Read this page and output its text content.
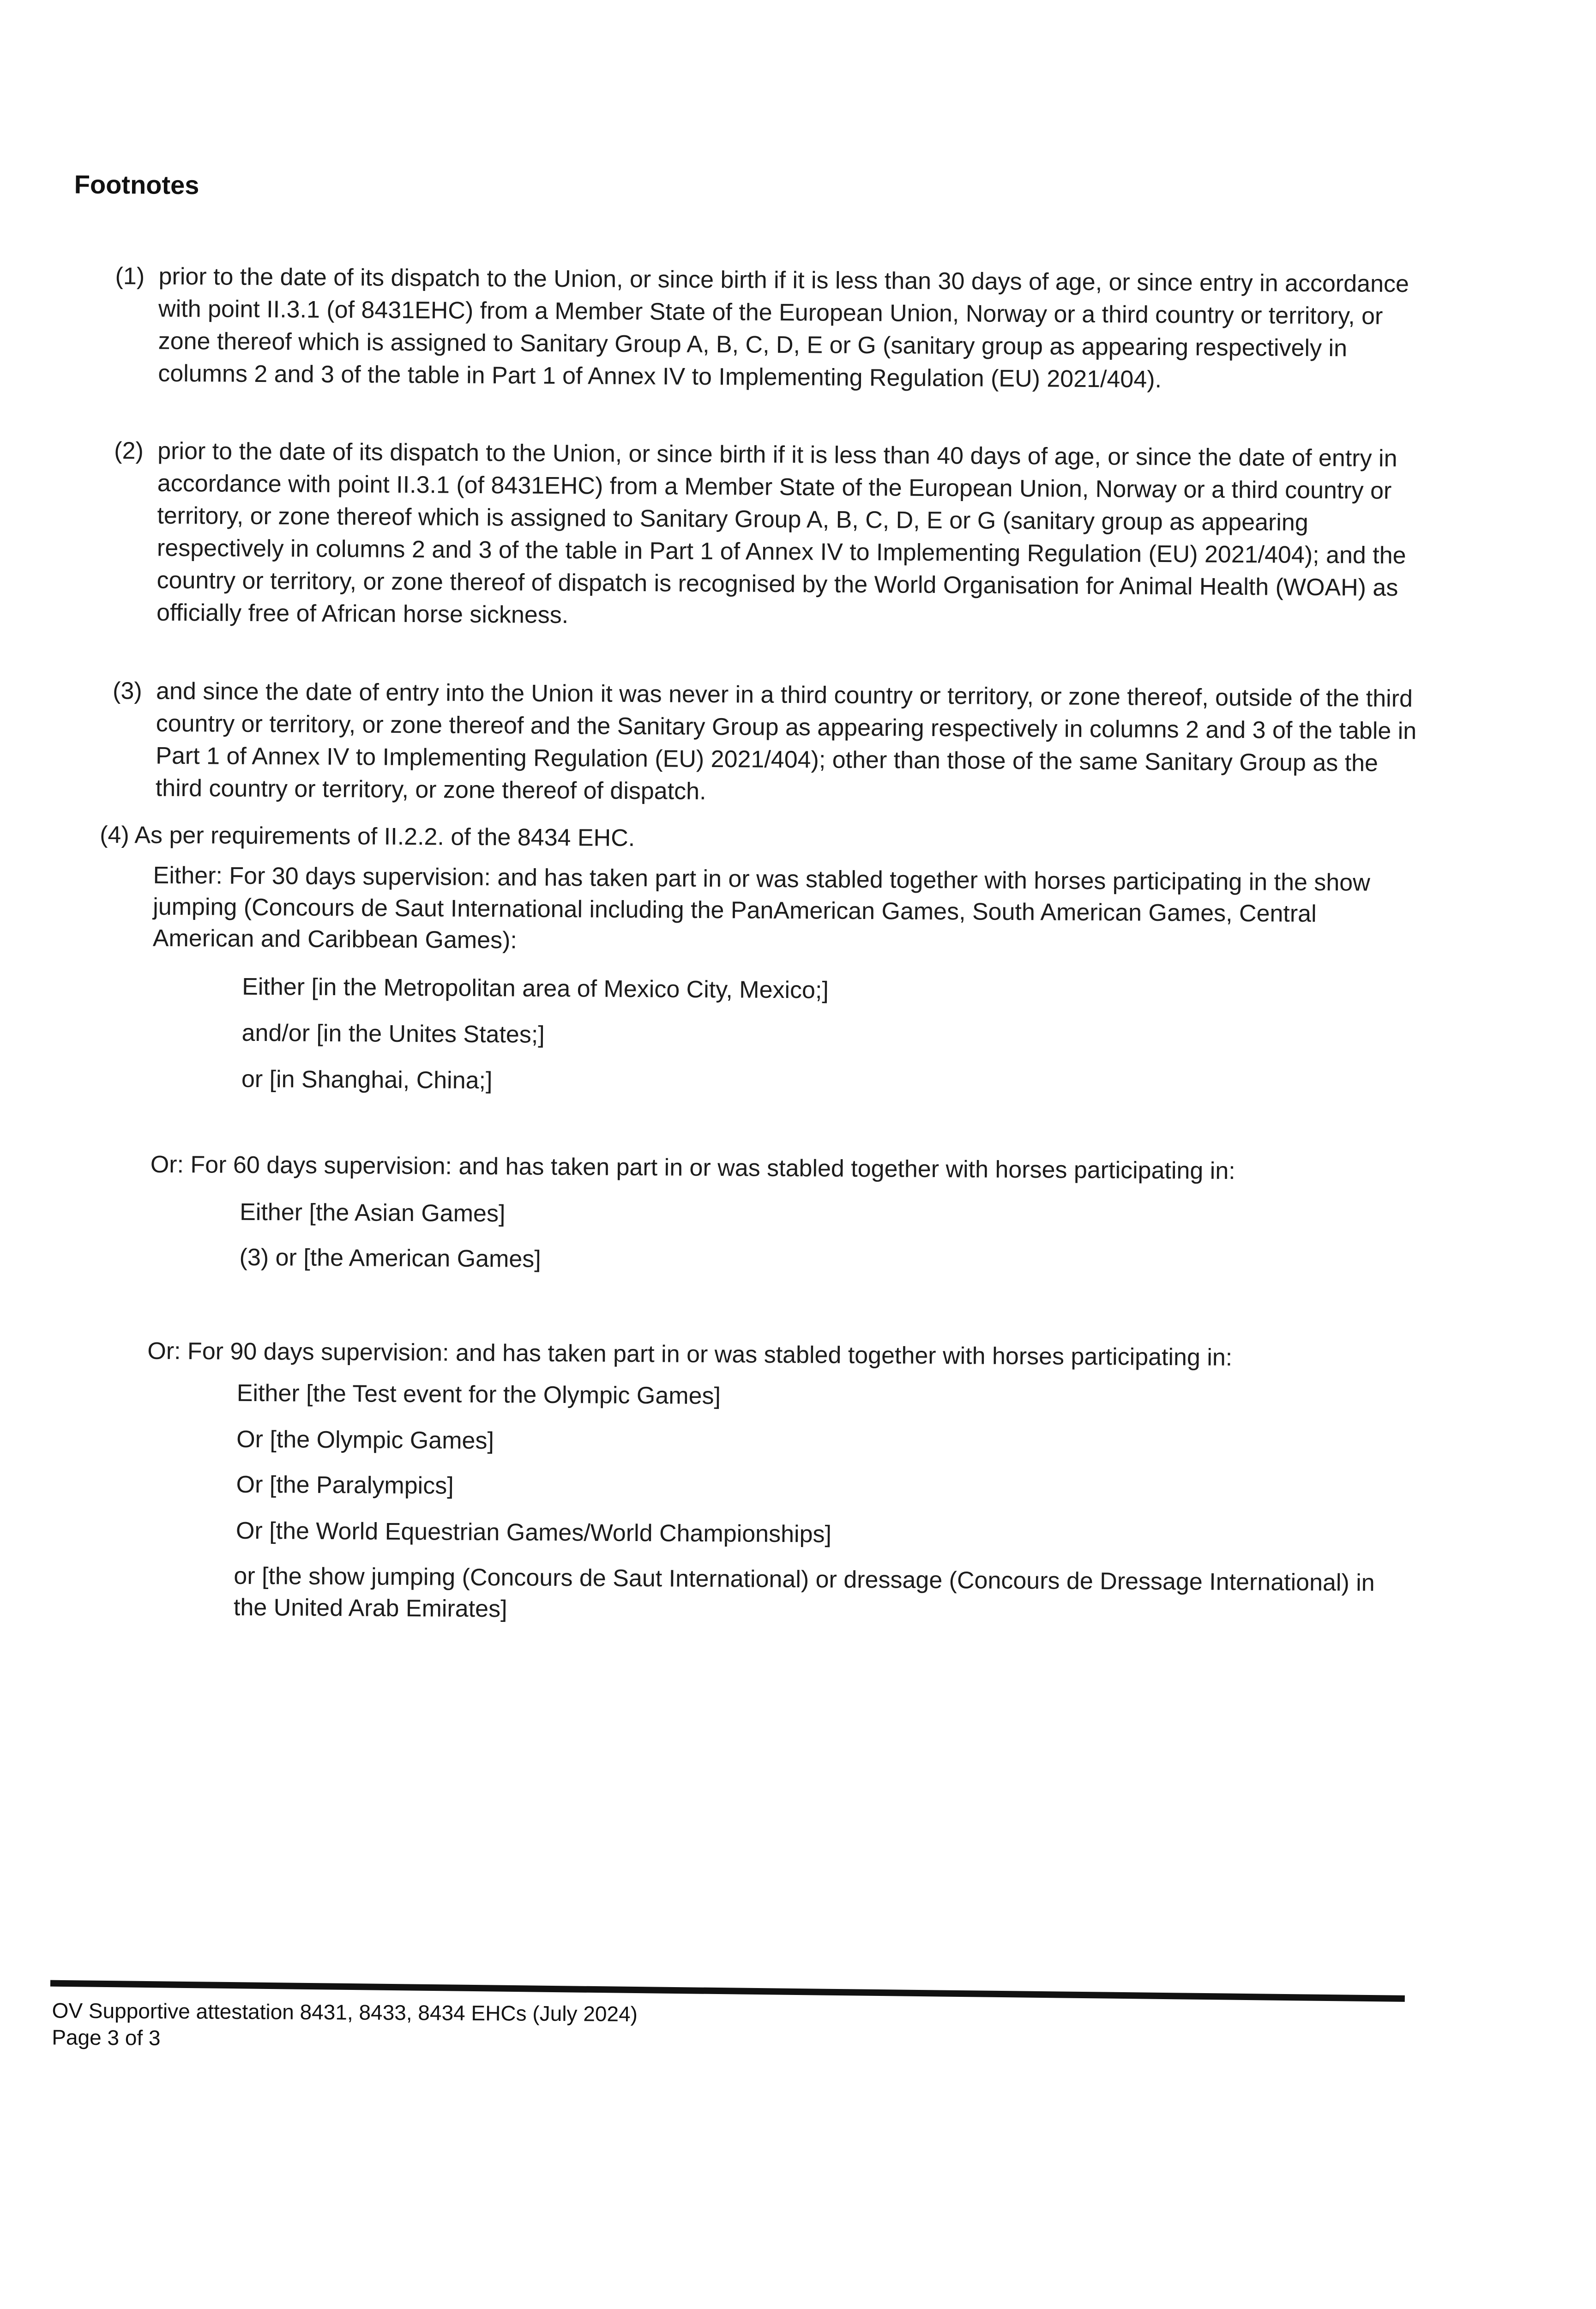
Footnotes
(1) prior to the date of its dispatch to the Union, or since birth if it is less than 30 days of age, or since entry in accordance with point II.3.1 (of 8431EHC) from a Member State of the European Union, Norway or a third country or territory, or zone thereof which is assigned to Sanitary Group A, B, C, D, E or G (sanitary group as appearing respectively in columns 2 and 3 of the table in Part 1 of Annex IV to Implementing Regulation (EU) 2021/404).
(2) prior to the date of its dispatch to the Union, or since birth if it is less than 40 days of age, or since the date of entry in accordance with point II.3.1 (of 8431EHC) from a Member State of the European Union, Norway or a third country or territory, or zone thereof which is assigned to Sanitary Group A, B, C, D, E or G (sanitary group as appearing respectively in columns 2 and 3 of the table in Part 1 of Annex IV to Implementing Regulation (EU) 2021/404); and the country or territory, or zone thereof of dispatch is recognised by the World Organisation for Animal Health (WOAH) as officially free of African horse sickness.
(3) and since the date of entry into the Union it was never in a third country or territory, or zone thereof, outside of the third country or territory, or zone thereof and the Sanitary Group as appearing respectively in columns 2 and 3 of the table in Part 1 of Annex IV to Implementing Regulation (EU) 2021/404); other than those of the same Sanitary Group as the third country or territory, or zone thereof of dispatch.
(4) As per requirements of II.2.2. of the 8434 EHC.
Either: For 30 days supervision: and has taken part in or was stabled together with horses participating in the show jumping (Concours de Saut International including the PanAmerican Games, South American Games, Central American and Caribbean Games):
Either [in the Metropolitan area of Mexico City, Mexico;]
and/or [in the Unites States;]
or [in Shanghai, China;]
Or: For 60 days supervision: and has taken part in or was stabled together with horses participating in:
Either [the Asian Games]
(3) or [the American Games]
Or: For 90 days supervision: and has taken part in or was stabled together with horses participating in:
Either [the Test event for the Olympic Games]
Or [the Olympic Games]
Or [the Paralympics]
Or [the World Equestrian Games/World Championships]
or [the show jumping (Concours de Saut International) or dressage (Concours de Dressage International) in the United Arab Emirates]
OV Supportive attestation 8431, 8433, 8434 EHCs (July 2024)
Page 3 of 3
